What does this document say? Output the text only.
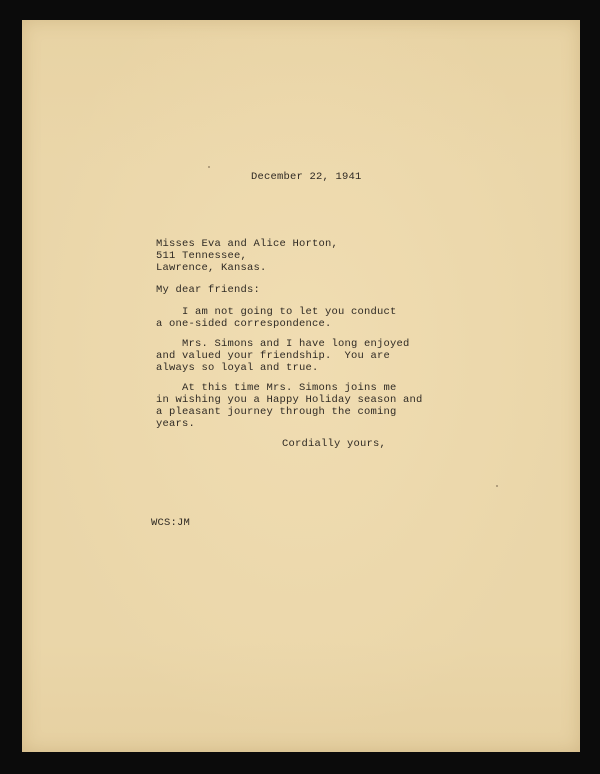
December 22, 1941

Misses Eva and Alice Horton,

511 Tennessee,

Lawrence, Kansas.

My dear friends:

I am not going to let you conduct

a one-sided correspondence.

Mrs. Simons and I have long enjoyed

and valued your friendship.  You are

always so loyal and true.

At this time Mrs. Simons joins me

in wishing you a Happy Holiday season and

a pleasant journey through the coming

years.

Cordially yours,

WCS:JM
